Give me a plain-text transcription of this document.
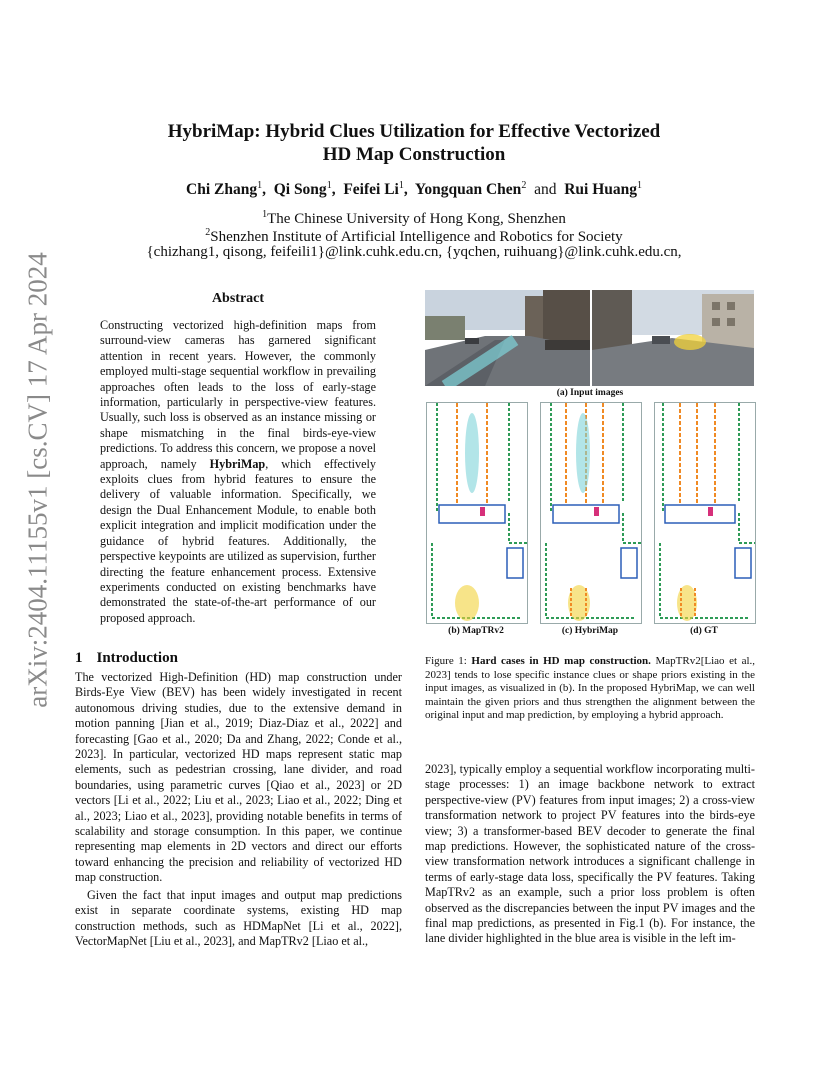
arXiv:2404.11155v1 [cs.CV] 17 Apr 2024
HybriMap: Hybrid Clues Utilization for Effective Vectorized
HD Map Construction
Chi Zhang$^1$,  Qi Song$^1$,  Feifei Li$^1$,  Yongquan Chen$^2$ and Rui Huang$^1$
$^1$The Chinese University of Hong Kong, Shenzhen
$^2$Shenzhen Institute of Artificial Intelligence and Robotics for Society
{chizhang1, qisong, feifeili1}@link.cuhk.edu.cn, {yqchen, ruihuang}@link.cuhk.edu.cn,
Abstract
Constructing vectorized high-definition maps from surround-view cameras has garnered significant attention in recent years. However, the commonly employed multi-stage sequential workflow in prevailing approaches often leads to the loss of early-stage information, particularly in perspective-view features. Usually, such loss is observed as an instance missing or shape mismatching in the final birds-eye-view predictions. To address this concern, we propose a novel approach, namely HybriMap, which effectively exploits clues from hybrid features to ensure the delivery of valuable information. Specifically, we design the Dual Enhancement Module, to enable both explicit integration and implicit modification under the guidance of hybrid features. Additionally, the perspective keypoints are utilized as supervision, further directing the feature enhancement process. Extensive experiments conducted on existing benchmarks have demonstrated the state-of-the-art performance of our proposed approach.
1 Introduction

The vectorized High-Definition (HD) map construction under Birds-Eye View (BEV) has been widely investigated in recent autonomous driving studies, due to the extensive demand in motion panning [Jian et al., 2019; Diaz-Diaz et al., 2022] and forecasting [Gao et al., 2020; Da and Zhang, 2022; Conde et al., 2023]. In particular, vectorized HD maps represent static map elements, such as pedestrian crossing, lane divider, and road boundaries, using parametric curves [Qiao et al., 2023] or 2D vectors [Li et al., 2022; Liu et al., 2023; Liao et al., 2022; Ding et al., 2023; Liao et al., 2023], providing notable benefits in terms of scalability and storage consumption. In this paper, we continue representing map elements in 2D vectors and direct our efforts toward enhancing the precision and reliability of vectorized HD map construction.

Given the fact that input images and output map predictions exist in separate coordinate systems, existing HD map construction methods, such as HDMapNet [Li et al., 2022], VectorMapNet [Liu et al., 2023], and MapTRv2 [Liao et al.,

(a) Input images
(b) MapTRv2	(c) HybriMap	(d) GT
Figure 1: Hard cases in HD map construction. MapTRv2[Liao et al., 2023] tends to lose specific instance clues or shape priors existing in the input images, as visualized in (b). In the proposed HybriMap, we can well maintain the given priors and thus strengthen the alignment between the original input and map prediction, by employing a hybrid approach.
2023], typically employ a sequential workflow incorporating multi-stage processes: 1) an image backbone network to extract perspective-view (PV) features from input images; 2) a cross-view transformation network to project PV features into the birds-eye view; 3) a transformer-based BEV decoder to generate the final map predictions. However, the sophisticated nature of the cross-view transformation network introduces a significant challenge in terms of early-stage data loss, specifically the PV features. Taking MapTRv2 as an example, such a prior loss problem is often observed as the discrepancies between the input PV images and the final map predictions, as presented in Fig.1 (b). For instance, the lane divider highlighted in the blue area is visible in the left im-
